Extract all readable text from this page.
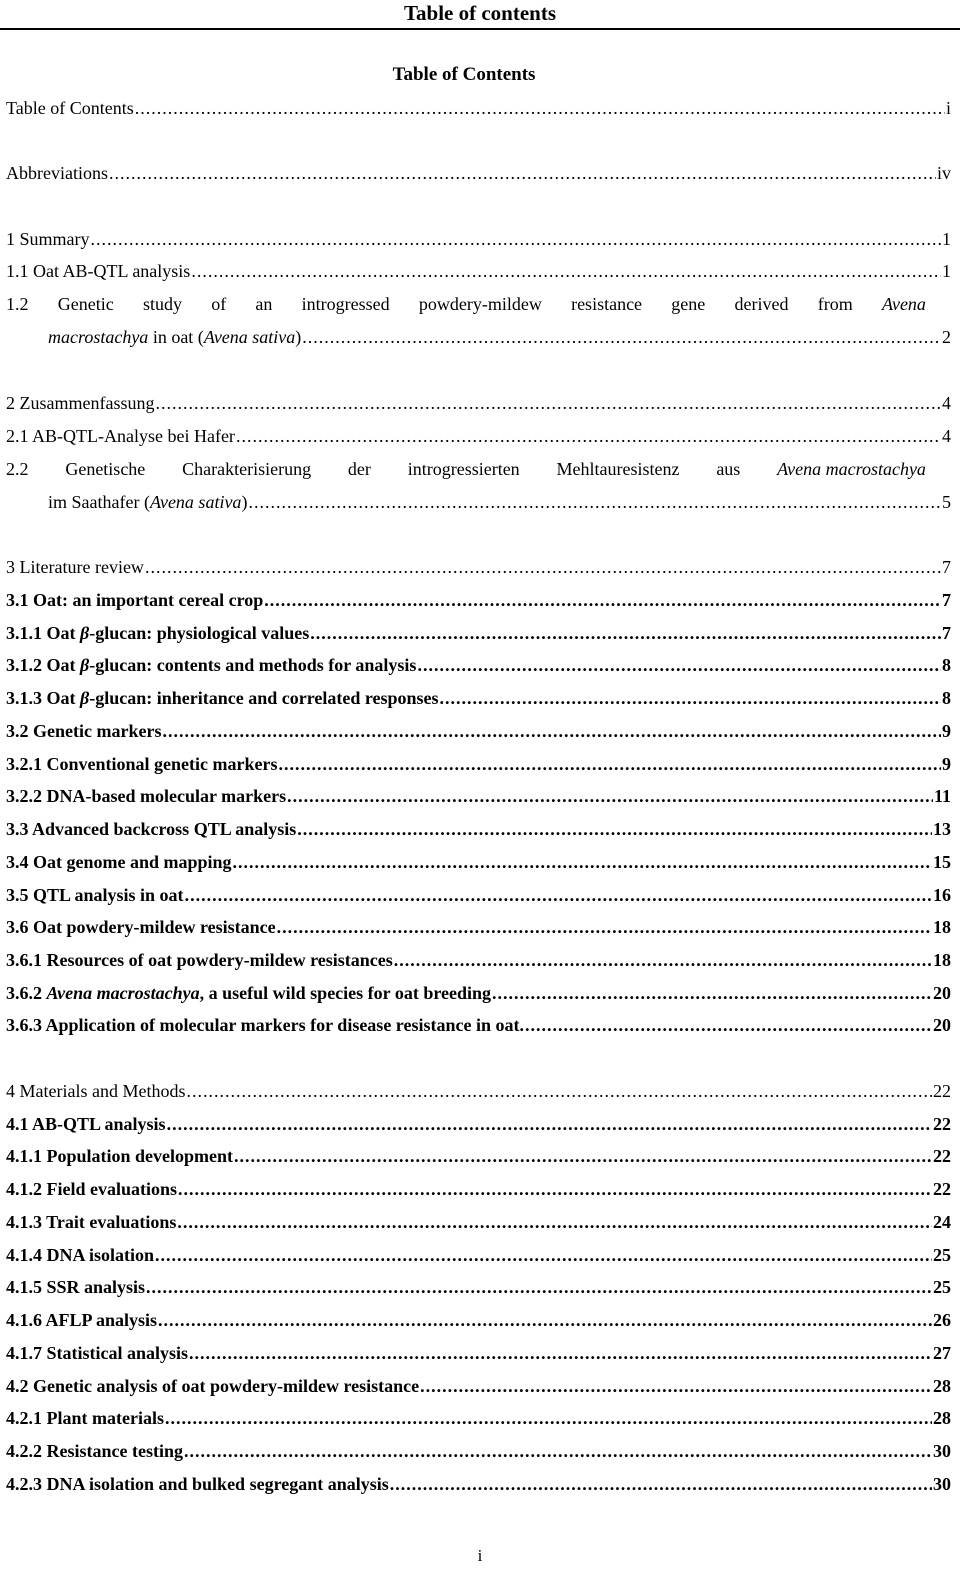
Table of contents
Table of Contents
Table of Contents .....	i
Abbreviations .....	iv
1 Summary .....	1
1.1 Oat AB-QTL analysis .....	1
1.2 Genetic study of an introgressed powdery-mildew resistance gene derived from Avena
macrostachya in oat (Avena sativa) .....	2
2 Zusammenfassung .....	4
2.1 AB-QTL-Analyse bei Hafer .....	4
2.2 Genetische Charakterisierung der introgressierten Mehltauresistenz aus Avena macrostachya
im Saathafer (Avena sativa) .....	5
3 Literature review .....	7
3.1 Oat: an important cereal crop .....	7
3.1.1 Oat β-glucan: physiological values .....	7
3.1.2 Oat β-glucan: contents and methods for analysis .....	8
3.1.3 Oat β-glucan: inheritance and correlated responses .....	8
3.2 Genetic markers .....	9
3.2.1 Conventional genetic markers .....	9
3.2.2 DNA-based molecular markers .....	11
3.3 Advanced backcross QTL analysis .....	13
3.4 Oat genome and mapping .....	15
3.5 QTL analysis in oat .....	16
3.6 Oat powdery-mildew resistance .....	18
3.6.1 Resources of oat powdery-mildew resistances .....	18
3.6.2 Avena macrostachya, a useful wild species for oat breeding .....	20
3.6.3 Application of molecular markers for disease resistance in oat. .....	20
4 Materials and Methods .....	22
4.1 AB-QTL analysis .....	22
4.1.1 Population development .....	22
4.1.2 Field evaluations .....	22
4.1.3 Trait evaluations .....	24
4.1.4 DNA isolation .....	25
4.1.5 SSR analysis .....	25
4.1.6 AFLP analysis .....	26
4.1.7 Statistical analysis .....	27
4.2 Genetic analysis of oat powdery-mildew resistance .....	28
4.2.1 Plant materials .....	28
4.2.2 Resistance testing .....	30
4.2.3 DNA isolation and bulked segregant analysis .....	30
i
